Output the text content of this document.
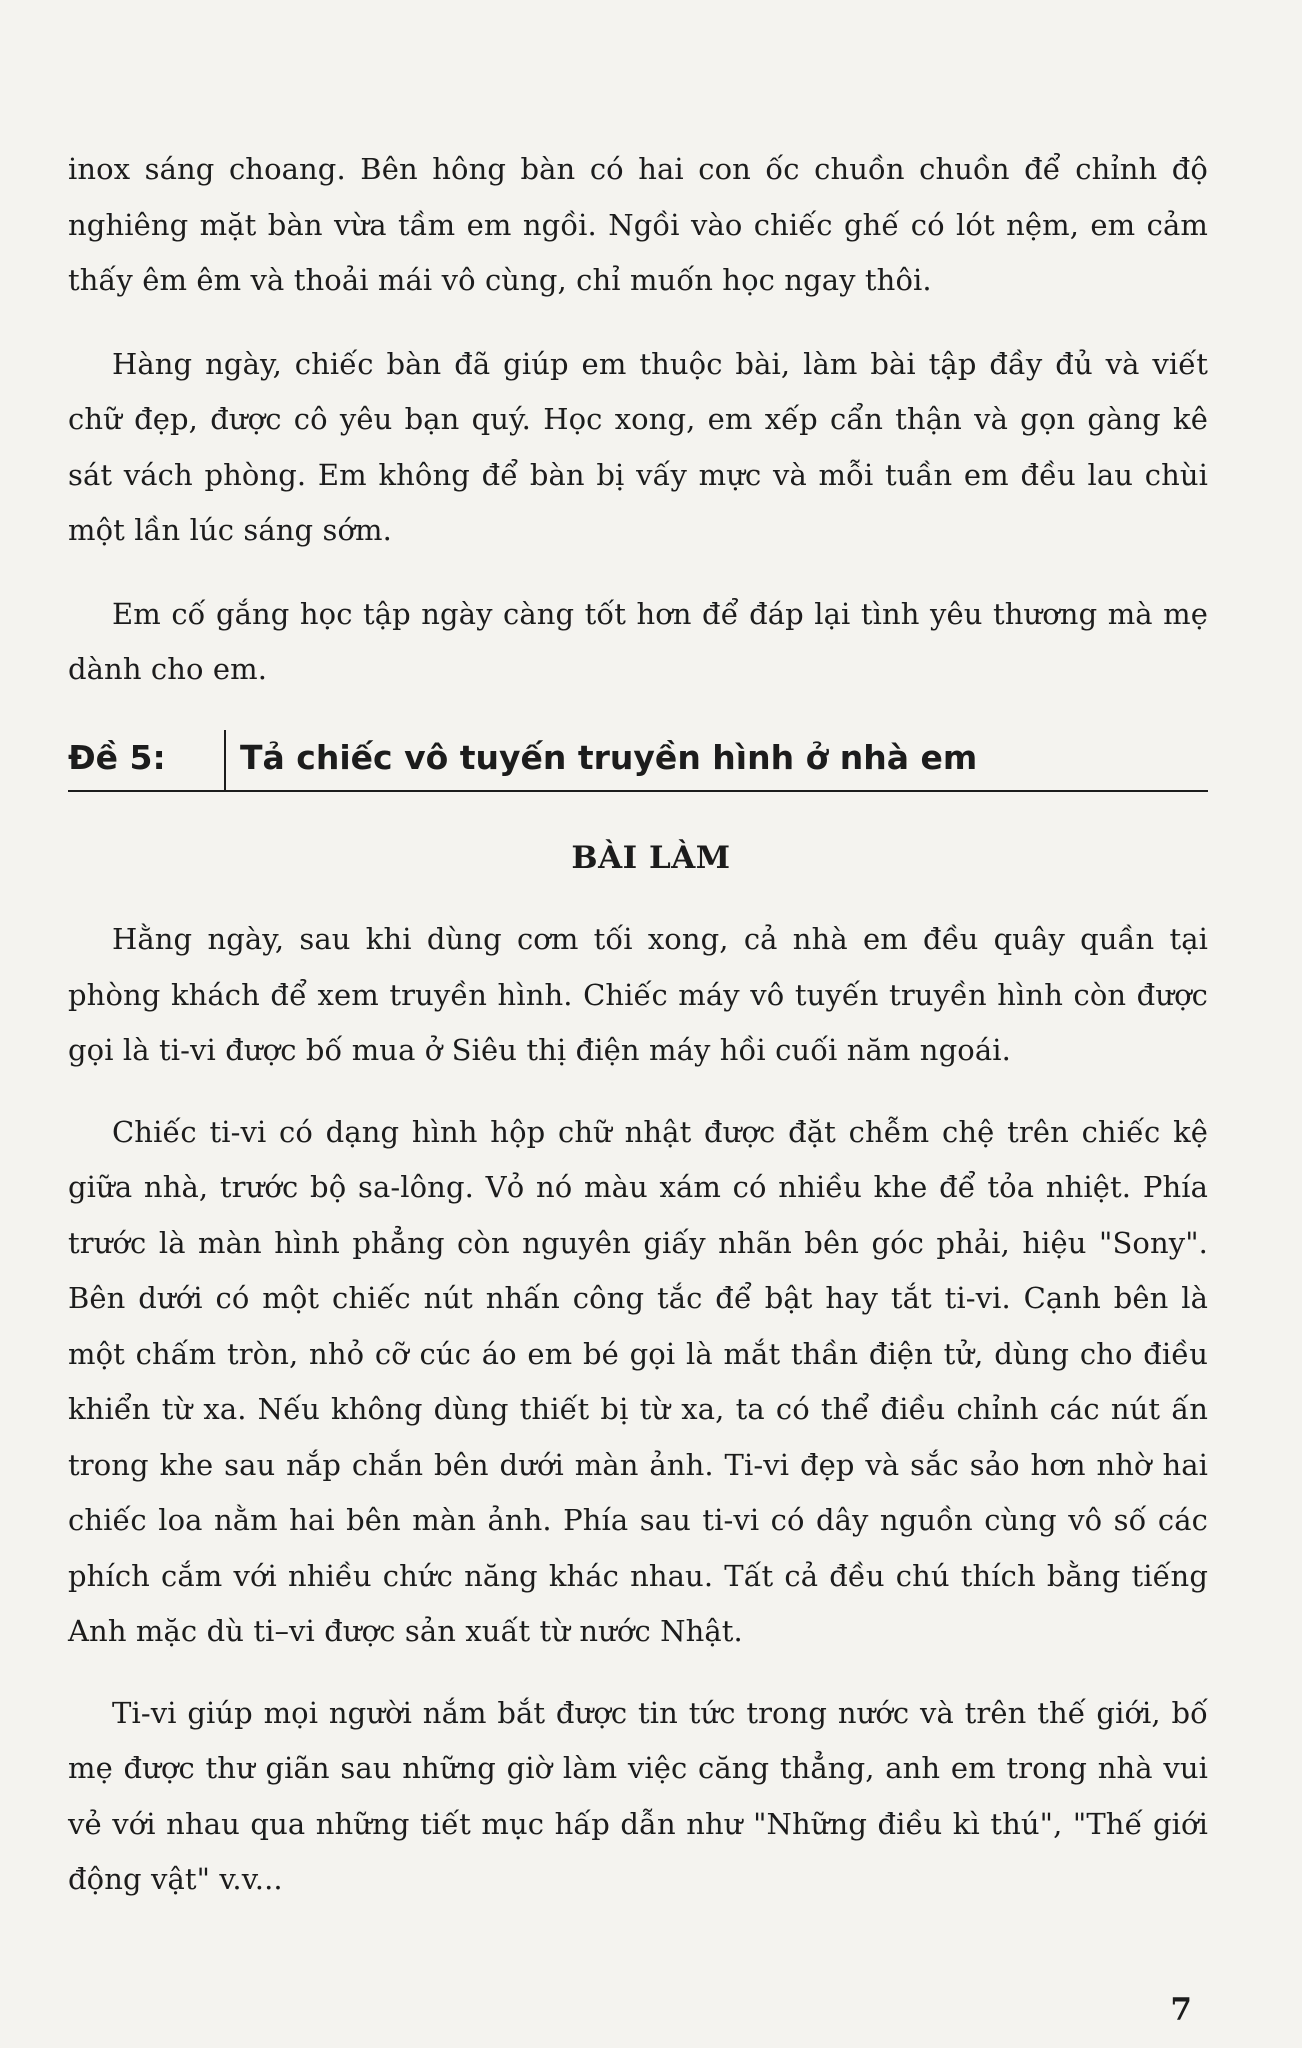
inox sáng choang. Bên hông bàn có hai con ốc chuồn chuồn để chỉnh độ nghiêng mặt bàn vừa tầm em ngồi. Ngồi vào chiếc ghế có lót nệm, em cảm thấy êm êm và thoải mái vô cùng, chỉ muốn học ngay thôi.

Hàng ngày, chiếc bàn đã giúp em thuộc bài, làm bài tập đầy đủ và viết chữ đẹp, được cô yêu bạn quý. Học xong, em xếp cẩn thận và gọn gàng kê sát vách phòng. Em không để bàn bị vấy mực và mỗi tuần em đều lau chùi một lần lúc sáng sớm.

Em cố gắng học tập ngày càng tốt hơn để đáp lại tình yêu thương mà mẹ dành cho em.

Đề 5: Tả chiếc vô tuyến truyền hình ở nhà em
BÀI LÀM

Hằng ngày, sau khi dùng cơm tối xong, cả nhà em đều quây quần tại phòng khách để xem truyền hình. Chiếc máy vô tuyến truyền hình còn được gọi là ti-vi được bố mua ở Siêu thị điện máy hồi cuối năm ngoái.

Chiếc ti-vi có dạng hình hộp chữ nhật được đặt chễm chệ trên chiếc kệ giữa nhà, trước bộ sa-lông. Vỏ nó màu xám có nhiều khe để tỏa nhiệt. Phía trước là màn hình phẳng còn nguyên giấy nhãn bên góc phải, hiệu "Sony". Bên dưới có một chiếc nút nhấn công tắc để bật hay tắt ti-vi. Cạnh bên là một chấm tròn, nhỏ cỡ cúc áo em bé gọi là mắt thần điện tử, dùng cho điều khiển từ xa. Nếu không dùng thiết bị từ xa, ta có thể điều chỉnh các nút ấn trong khe sau nắp chắn bên dưới màn ảnh. Ti-vi đẹp và sắc sảo hơn nhờ hai chiếc loa nằm hai bên màn ảnh. Phía sau ti-vi có dây nguồn cùng vô số các phích cắm với nhiều chức năng khác nhau. Tất cả đều chú thích bằng tiếng Anh mặc dù ti–vi được sản xuất từ nước Nhật.

Ti-vi giúp mọi người nắm bắt được tin tức trong nước và trên thế giới, bố mẹ được thư giãn sau những giờ làm việc căng thẳng, anh em trong nhà vui vẻ với nhau qua những tiết mục hấp dẫn như "Những điều kì thú", "Thế giới động vật" v.v...

7
